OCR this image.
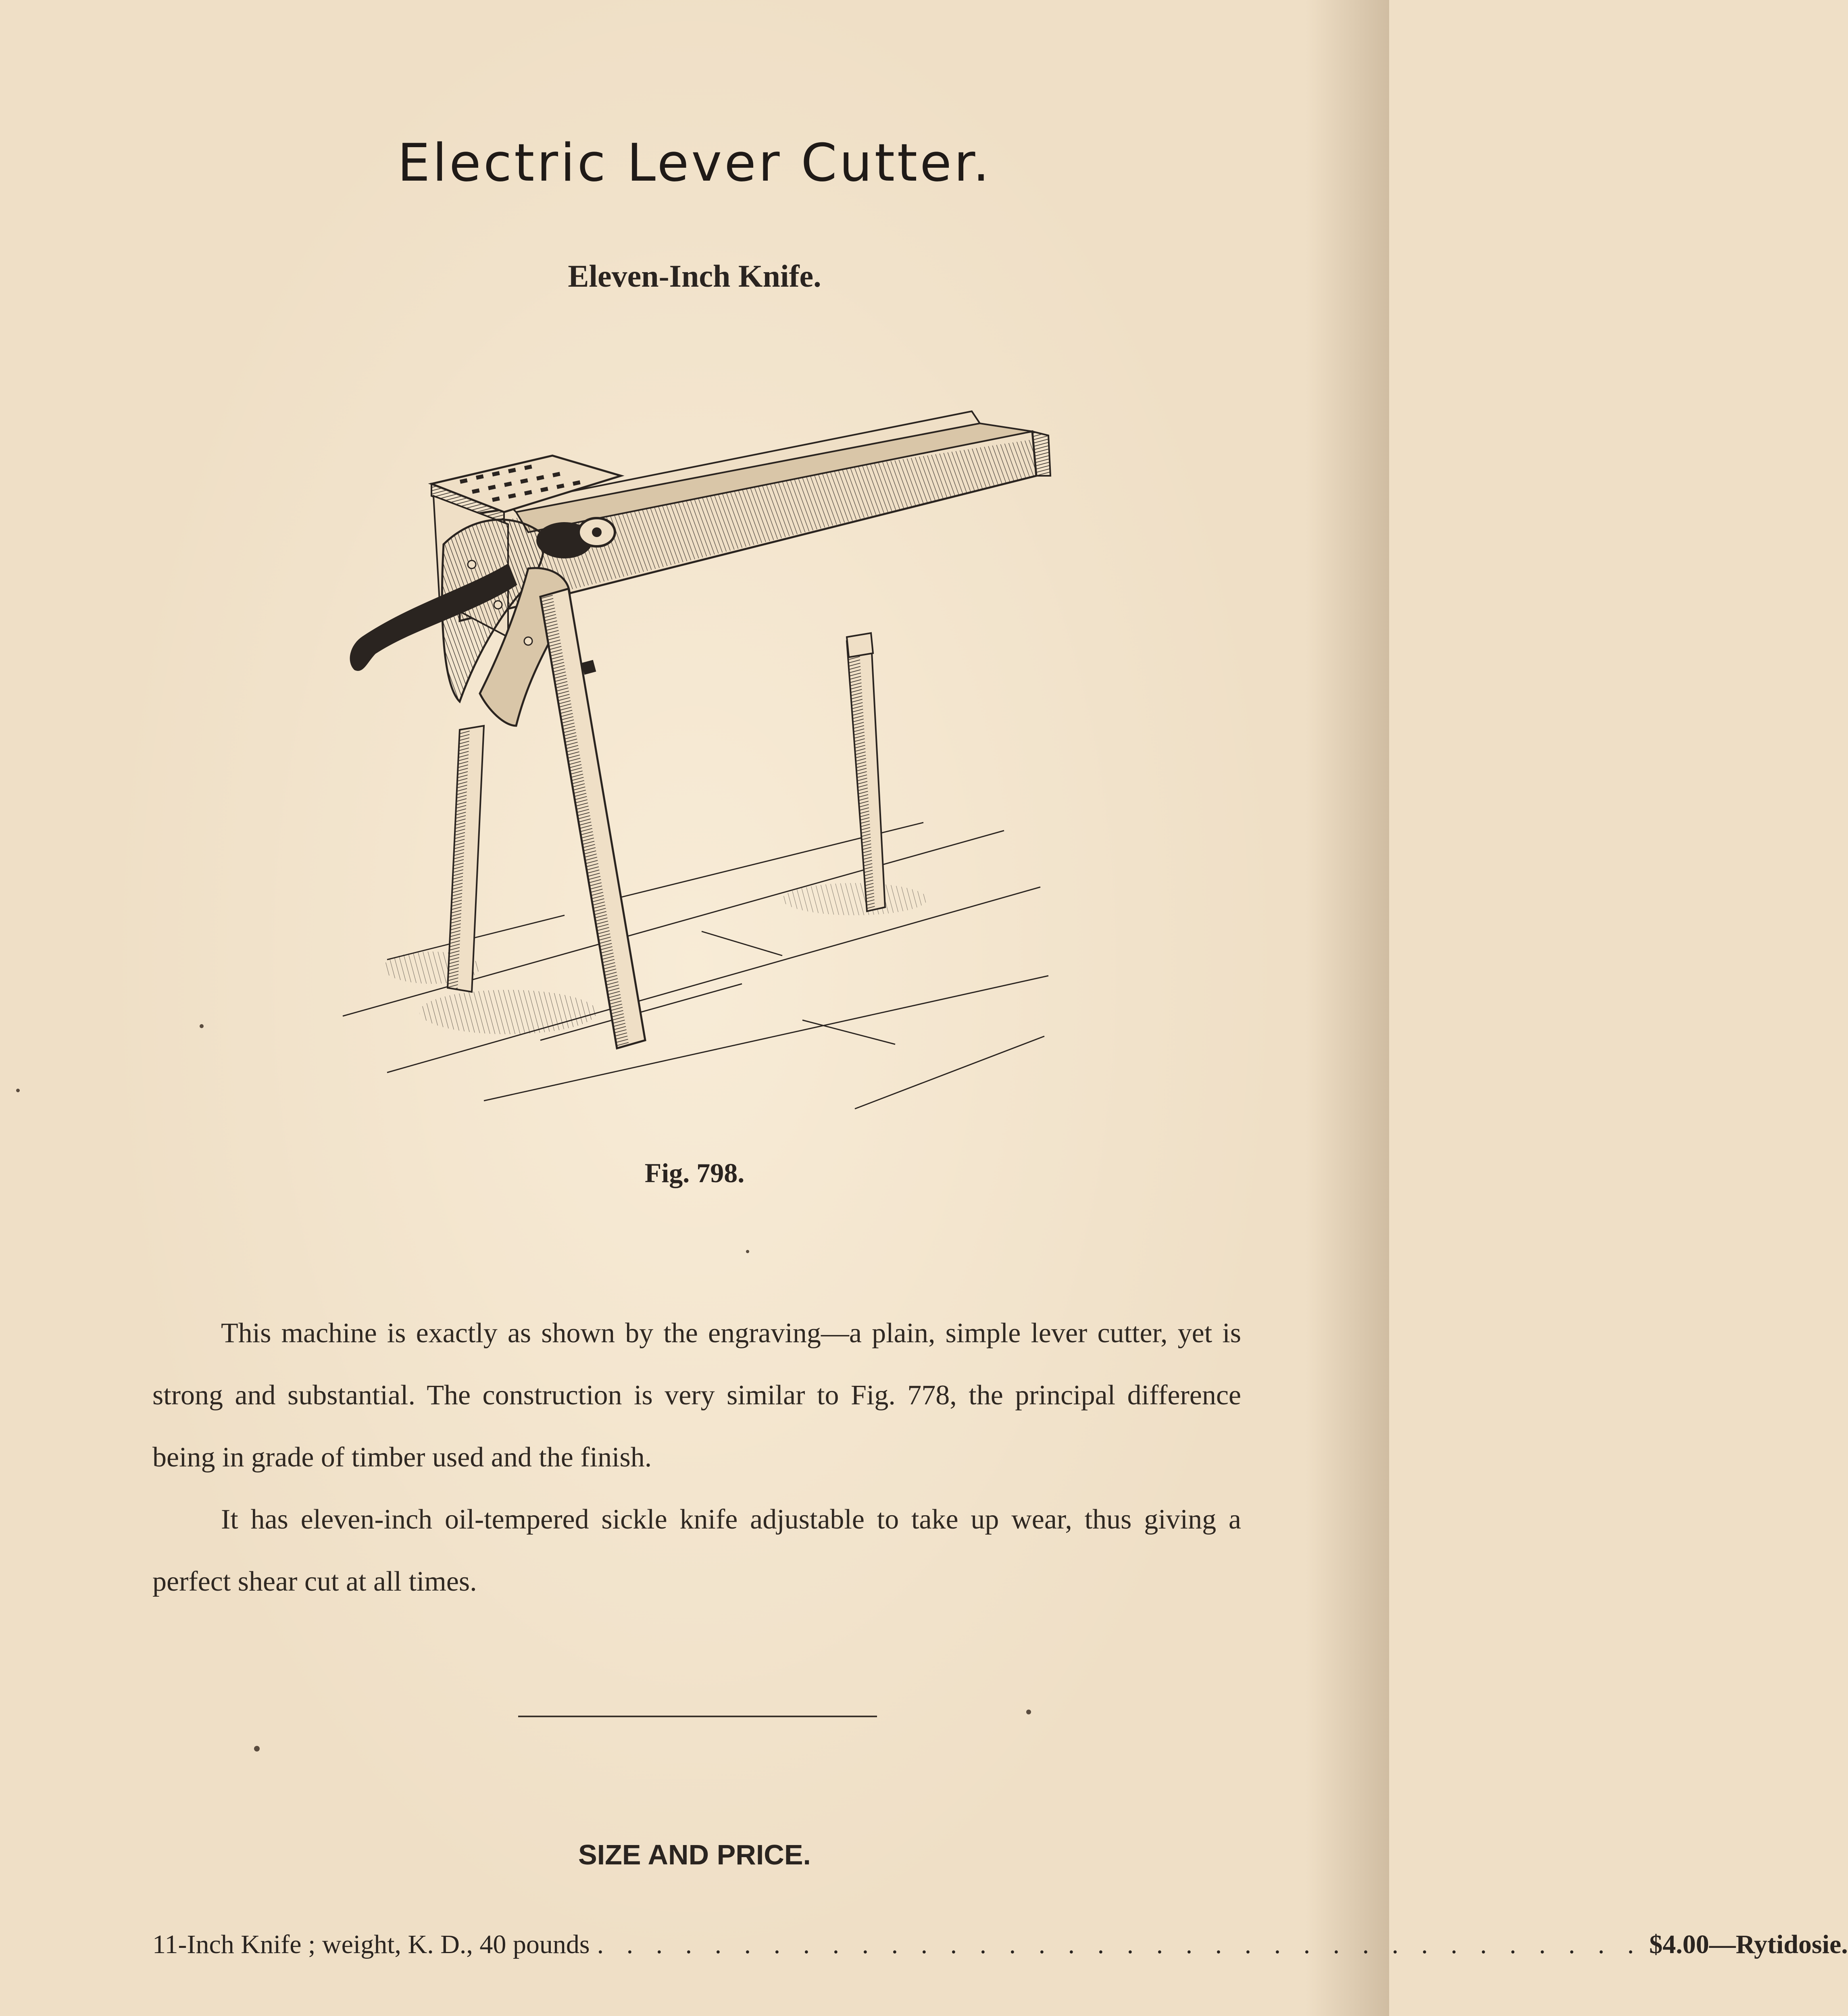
Electric Lever Cutter.
Eleven-Inch Knife.
Fig. 798.

This machine is exactly as shown by the engraving—a plain, simple lever cutter, yet is strong and substantial. The construction is very similar to Fig. 778, the principal difference being in grade of timber used and the finish.

It has eleven-inch oil-tempered sickle knife adjustable to take up wear, thus giving a perfect shear cut at all times.

SIZE AND PRICE.
11-Inch Knife ; weight, K. D., 40 pounds . . . . . . . . . . . . . . . . . . . . . . . . . . . . . . . . . . . . $4.00—Rytidosie.
